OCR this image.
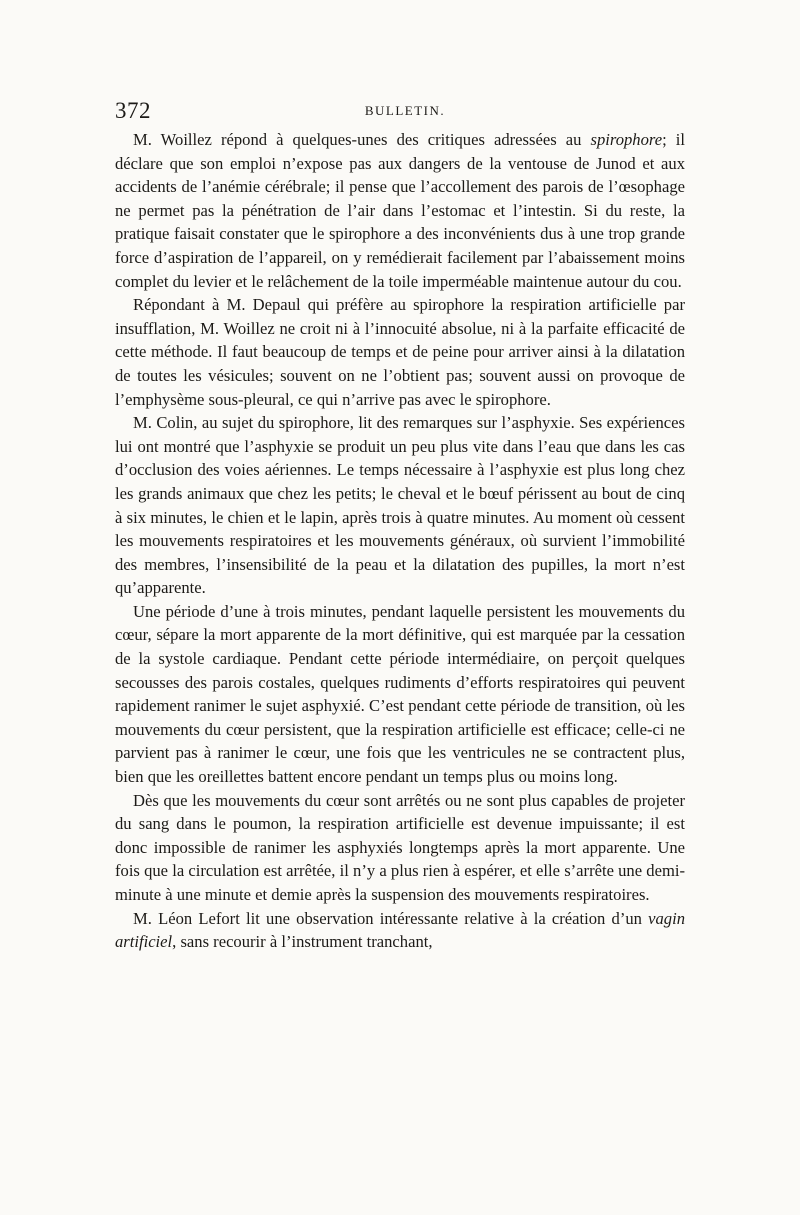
372	BULLETIN.

M. Woillez répond à quelques-unes des critiques adressées au spirophore; il déclare que son emploi n’expose pas aux dangers de la ventouse de Junod et aux accidents de l’anémie cérébrale; il pense que l’accollement des parois de l’œsophage ne permet pas la pénétration de l’air dans l’estomac et l’intestin. Si du reste, la pratique faisait constater que le spirophore a des inconvénients dus à une trop grande force d’aspiration de l’appareil, on y remédierait facilement par l’abaissement moins complet du levier et le relâchement de la toile imperméable maintenue autour du cou.

Répondant à M. Depaul qui préfère au spirophore la respiration artificielle par insufflation, M. Woillez ne croit ni à l’innocuité absolue, ni à la parfaite efficacité de cette méthode. Il faut beaucoup de temps et de peine pour arriver ainsi à la dilatation de toutes les vésicules; souvent on ne l’obtient pas; souvent aussi on provoque de l’emphysème sous-pleural, ce qui n’arrive pas avec le spirophore.

M. Colin, au sujet du spirophore, lit des remarques sur l’asphyxie. Ses expériences lui ont montré que l’asphyxie se produit un peu plus vite dans l’eau que dans les cas d’occlusion des voies aériennes. Le temps nécessaire à l’asphyxie est plus long chez les grands animaux que chez les petits; le cheval et le bœuf périssent au bout de cinq à six minutes, le chien et le lapin, après trois à quatre minutes. Au moment où cessent les mouvements respiratoires et les mouvements généraux, où survient l’immobilité des membres, l’insensibilité de la peau et la dilatation des pupilles, la mort n’est qu’apparente.

Une période d’une à trois minutes, pendant laquelle persistent les mouvements du cœur, sépare la mort apparente de la mort définitive, qui est marquée par la cessation de la systole cardiaque. Pendant cette période intermédiaire, on perçoit quelques secousses des parois costales, quelques rudiments d’efforts respiratoires qui peuvent rapidement ranimer le sujet asphyxié. C’est pendant cette période de transition, où les mouvements du cœur persistent, que la respiration artificielle est efficace; celle-ci ne parvient pas à ranimer le cœur, une fois que les ventricules ne se contractent plus, bien que les oreillettes battent encore pendant un temps plus ou moins long.

Dès que les mouvements du cœur sont arrêtés ou ne sont plus capables de projeter du sang dans le poumon, la respiration artificielle est devenue impuissante; il est donc impossible de ranimer les asphyxiés longtemps après la mort apparente. Une fois que la circulation est arrêtée, il n’y a plus rien à espérer, et elle s’arrête une demi-minute à une minute et demie après la suspension des mouvements respiratoires.

M. Léon Lefort lit une observation intéressante relative à la création d’un vagin artificiel, sans recourir à l’instrument tranchant,
